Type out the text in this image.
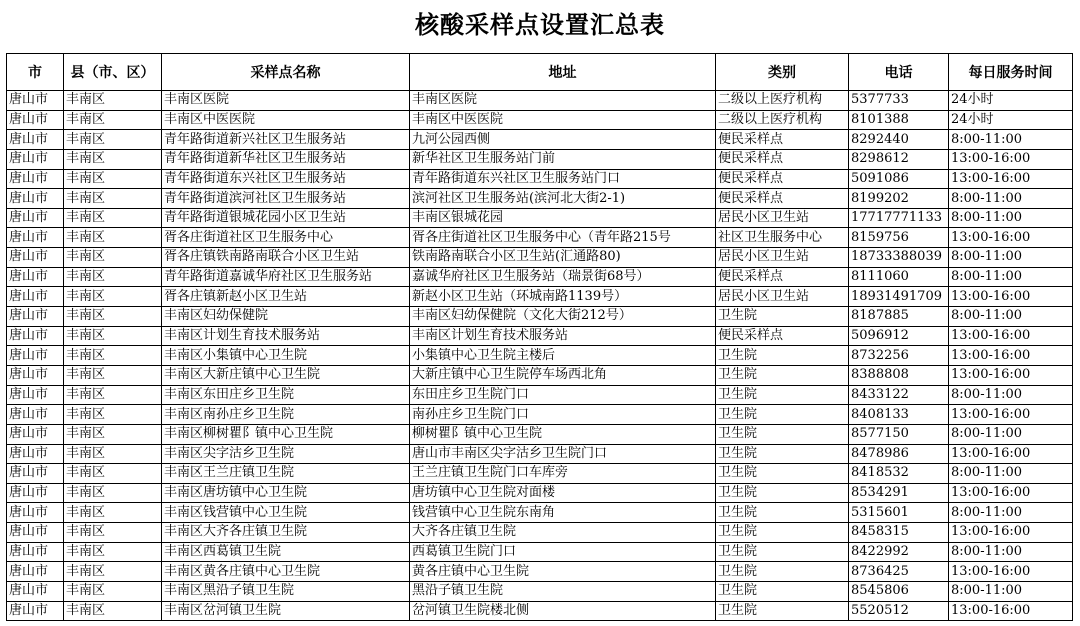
核酸采样点设置汇总表
市	县（市、区）	采样点名称	地址	类别	电话	每日服务时间
唐山市	丰南区	丰南区医院	丰南区医院	二级以上医疗机构	5377733	24小时
唐山市	丰南区	丰南区中医医院	丰南区中医医院	二级以上医疗机构	8101388	24小时
唐山市	丰南区	青年路街道新兴社区卫生服务站	九河公园西侧	便民采样点	8292440	8:00-11:00
唐山市	丰南区	青年路街道新华社区卫生服务站	新华社区卫生服务站门前	便民采样点	8298612	13:00-16:00
唐山市	丰南区	青年路街道东兴社区卫生服务站	青年路街道东兴社区卫生服务站门口	便民采样点	5091086	13:00-16:00
唐山市	丰南区	青年路街道滨河社区卫生服务站	滨河社区卫生服务站(滨河北大街2-1)	便民采样点	8199202	8:00-11:00
唐山市	丰南区	青年路街道银城花园小区卫生站	丰南区银城花园	居民小区卫生站	17717771133	8:00-11:00
唐山市	丰南区	胥各庄街道社区卫生服务中心	胥各庄街道社区卫生服务中心（青年路215号	社区卫生服务中心	8159756	13:00-16:00
唐山市	丰南区	胥各庄镇铁南路南联合小区卫生站	铁南路南联合小区卫生站(汇通路80)	居民小区卫生站	18733388039	8:00-11:00
唐山市	丰南区	青年路街道嘉诚华府社区卫生服务站	嘉诚华府社区卫生服务站（瑞景街68号）	便民采样点	8111060	8:00-11:00
唐山市	丰南区	胥各庄镇新赵小区卫生站	新赵小区卫生站（环城南路1139号）	居民小区卫生站	18931491709	13:00-16:00
唐山市	丰南区	丰南区妇幼保健院	丰南区妇幼保健院（文化大街212号）	卫生院	8187885	8:00-11:00
唐山市	丰南区	丰南区计划生育技术服务站	丰南区计划生育技术服务站	便民采样点	5096912	13:00-16:00
唐山市	丰南区	丰南区小集镇中心卫生院	小集镇中心卫生院主楼后	卫生院	8732256	13:00-16:00
唐山市	丰南区	丰南区大新庄镇中心卫生院	大新庄镇中心卫生院停车场西北角	卫生院	8388808	13:00-16:00
唐山市	丰南区	丰南区东田庄乡卫生院	东田庄乡卫生院门口	卫生院	8433122	8:00-11:00
唐山市	丰南区	丰南区南孙庄乡卫生院	南孙庄乡卫生院门口	卫生院	8408133	13:00-16:00
唐山市	丰南区	丰南区柳树瞿阝镇中心卫生院	柳树瞿阝镇中心卫生院	卫生院	8577150	8:00-11:00
唐山市	丰南区	丰南区尖字沽乡卫生院	唐山市丰南区尖字沽乡卫生院门口	卫生院	8478986	13:00-16:00
唐山市	丰南区	丰南区王兰庄镇卫生院	王兰庄镇卫生院门口车库旁	卫生院	8418532	8:00-11:00
唐山市	丰南区	丰南区唐坊镇中心卫生院	唐坊镇中心卫生院对面楼	卫生院	8534291	13:00-16:00
唐山市	丰南区	丰南区钱营镇中心卫生院	钱营镇中心卫生院东南角	卫生院	5315601	8:00-11:00
唐山市	丰南区	丰南区大齐各庄镇卫生院	大齐各庄镇卫生院	卫生院	8458315	13:00-16:00
唐山市	丰南区	丰南区西葛镇卫生院	西葛镇卫生院门口	卫生院	8422992	8:00-11:00
唐山市	丰南区	丰南区黄各庄镇中心卫生院	黄各庄镇中心卫生院	卫生院	8736425	13:00-16:00
唐山市	丰南区	丰南区黑沿子镇卫生院	黑沿子镇卫生院	卫生院	8545806	8:00-11:00
唐山市	丰南区	丰南区岔河镇卫生院	岔河镇卫生院楼北侧	卫生院	5520512	13:00-16:00
